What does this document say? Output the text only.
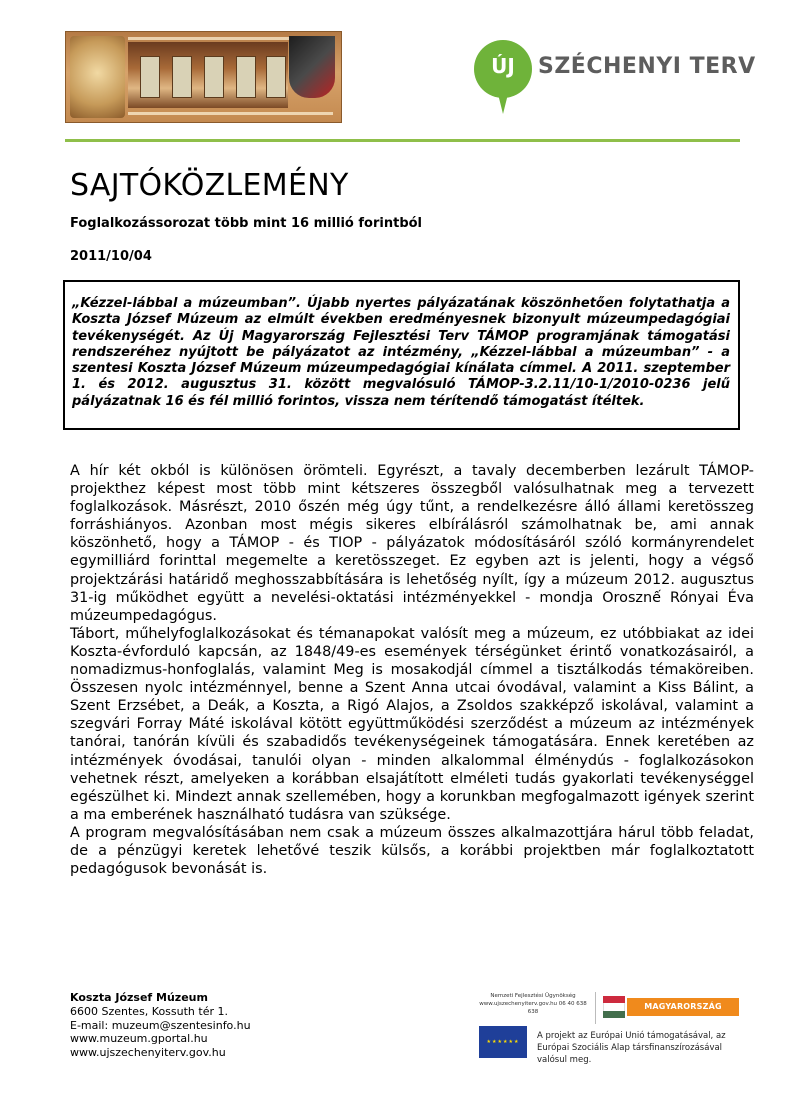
ÚJ	SZÉCHENYI TERV
SAJTÓKÖZLEMÉNY
Foglalkozássorozat több mint 16 millió forintból
2011/10/04

„Kézzel-lábbal a múzeumban”. Újabb nyertes pályázatának köszönhetően folytathatja a Koszta József Múzeum az elmúlt években eredményesnek bizonyult múzeumpedagógiai tevékenységét. Az Új Magyarország Fejlesztési Terv TÁMOP programjának támogatási rendszeréhez nyújtott be pályázatot az intézmény, „Kézzel-lábbal a múzeumban” - a szentesi Koszta József Múzeum múzeumpedagógiai kínálata címmel. A 2011. szeptember 1. és 2012. augusztus 31. között megvalósuló TÁMOP-3.2.11/10-1/2010-0236 jelű pályázatnak 16 és fél millió forintos, vissza nem térítendő támogatást ítéltek.

A hír két okból is különösen örömteli. Egyrészt, a tavaly decemberben lezárult TÁMOP-projekthez képest most több mint kétszeres összegből valósulhatnak meg a tervezett foglalkozások. Másrészt, 2010 őszén még úgy tűnt, a rendelkezésre álló állami keretösszeg forráshiányos. Azonban most mégis sikeres elbírálásról számolhatnak be, ami annak köszönhető, hogy a TÁMOP - és TIOP - pályázatok módosításáról szóló kormányrendelet egymilliárd forinttal megemelte a keretösszeget. Ez egyben azt is jelenti, hogy a végső projektzárási határidő meghosszabbítására is lehetőség nyílt, így a múzeum 2012. augusztus 31-ig működhet együtt a nevelési-oktatási intézményekkel - mondja Orosznế Rónyai Éva múzeumpedagógus.

Tábort, műhelyfoglalkozásokat és témanapokat valósít meg a múzeum, ez utóbbiakat az idei Koszta-évforduló kapcsán, az 1848/49-es események térségünket érintő vonatkozásairól, a nomadizmus-honfoglalás, valamint Meg is mosakodjál címmel a tisztálkodás témaköreiben. Összesen nyolc intézménnyel, benne a Szent Anna utcai óvodával, valamint a Kiss Bálint, a Szent Erzsébet, a Deák, a Koszta, a Rigó Alajos, a Zsoldos szakképző iskolával, valamint a szegvári Forray Máté iskolával kötött együttműködési szerződést a múzeum az intézmények tanórai, tanórán kívüli és szabadidős tevékenységeinek támogatására. Ennek keretében az intézmények óvodásai, tanulói olyan - minden alkalommal élménydús - foglalkozásokon vehetnek részt, amelyeken a korábban elsajátított elméleti tudás gyakorlati tevékenységgel egészülhet ki. Mindezt annak szellemében, hogy a korunkban megfogalmazott igények szerint a ma emberének használható tudásra van szüksége.

A program megvalósításában nem csak a múzeum összes alkalmazottjára hárul több feladat, de a pénzügyi keretek lehetővé teszik külsős, a korábbi projektben már foglalkoztatott pedagógusok bevonását is.

Koszta József Múzeum
6600 Szentes, Kossuth tér 1.
E-mail: muzeum@szentesinfo.hu
www.muzeum.gportal.hu
www.ujszechenyiterv.gov.hu
Nemzeti Fejlesztési Ügynökség www.ujszechenyiterv.gov.hu 06 40 638 638
MAGYARORSZÁG MEGÚJUL
★★★★★★
A projekt az Európai Unió támogatásával, az Európai Szociális Alap társfinanszírozásával valósul meg.
